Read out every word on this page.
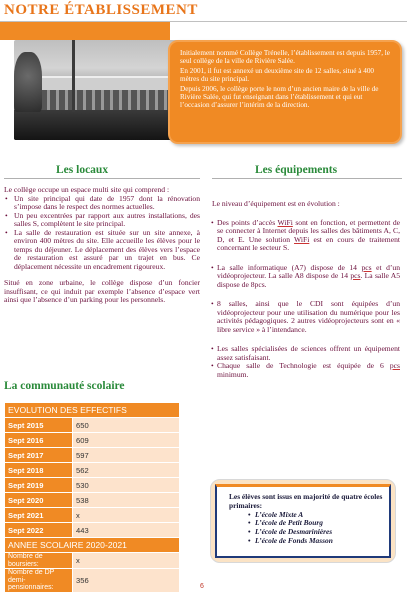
NOTRE ÉTABLISSEMENT

Initialement nommé Collège Trénelle, l’établissement est depuis 1957, le seul collège de la ville de Rivière Salée.

En 2001, il fut est annexé un deuxième site de 12 salles, situé à 400 mètres du site principal.

Depuis 2006, le collège porte le nom d’un ancien maire de la ville de Rivière Salée, qui fut enseignant dans l’établissement et qui eut l’occasion d’assurer l’intérim de la direction.

Les locaux	Les équipements
Le collège occupe un espace multi site qui comprend :
• Un site principal qui date de 1957 dont la rénovation s’impose dans le respect des normes actuelles.
• Un peu excentrées par rapport aux autres installations, des salles S, complètent le site principal.
• La salle de restauration est située sur un site annexe, à environ 400 mètres du site. Elle accueille les élèves pour le temps du déjeuner. Le déplacement des élèves vers l’espace de restauration est assuré par un trajet en bus. Ce déplacement nécessite un encadrement rigoureux.
Situé en zone urbaine, le collège dispose d’un foncier insuffisant, ce qui induit par exemple l’absence d’espace vert ainsi que l’absence d’un parking pour les personnels.
La communauté scolaire
EVOLUTION DES EFFECTIFS	
Sept 2015	650
Sept 2016	609
Sept 2017	597
Sept 2018	562
Sept 2019	530
Sept 2020	538
Sept 2021	x
Sept 2022	443
ANNEE SCOLAIRE 2020-2021	
Nombre de boursiers:	x
Nombre de DP demi-pensionnaires:	356
Le niveau d’équipement est en évolution :
• Des points d’accès WiFi sont en fonction, et permettent de se connecter à Internet depuis les salles des bâtiments A, C, D, et E. Une solution WiFi est en cours de traitement concernant le secteur S.
• La salle informatique (A7) dispose de 14 pcs et d’un vidéoprojecteur. La salle A8 dispose de 14 pcs. La salle A5 dispose de 8pcs.
• 8 salles, ainsi que le CDI sont équipées d’un vidéoprojecteur pour une utilisation du numérique pour les activités pédagogiques. 2 autres vidéoprojecteurs sont en « libre service » à l’intendance.
• Les salles spécialisées de sciences offrent un équipement assez satisfaisant.
• Chaque salle de Technologie est équipée de 6 pcs minimum.
Les élèves sont issus en majorité de quatre écoles primaires:
• L’école Mixte A
• L’école de Petit Bourg
• L’école de Desmarinières
• L’école de Fonds Masson
6
